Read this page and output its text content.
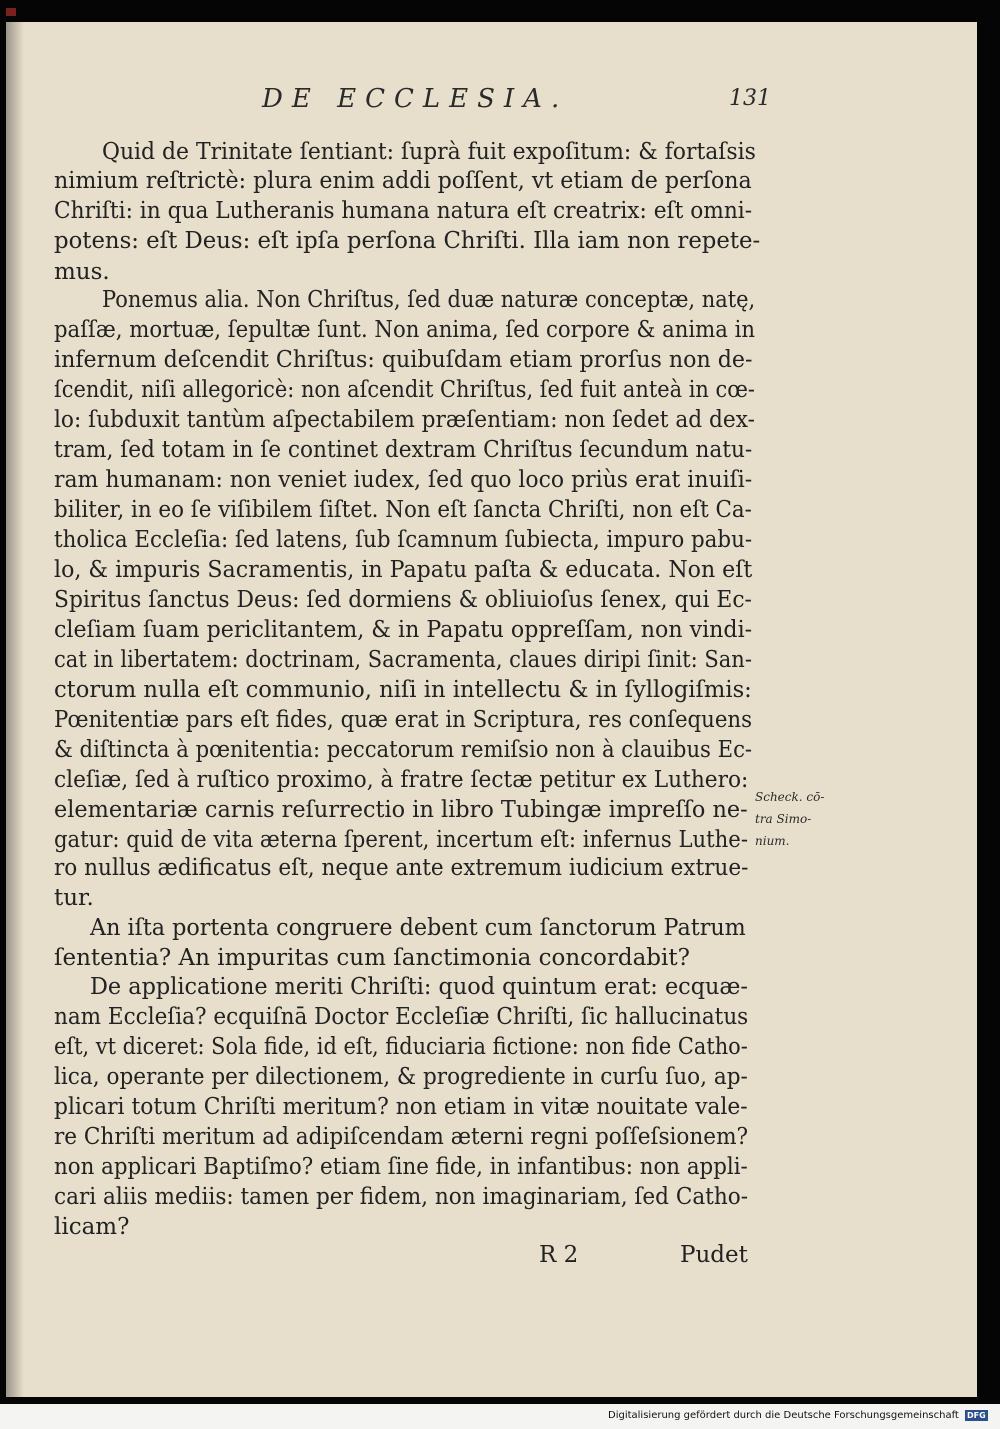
DE ECCLESIA.	131
Quid de Trinitate ſentiant: ſuprà fuit expoſitum: & fortaſsis
nimium reſtrictè: plura enim addi poſſent, vt etiam de perſona
Chriſti: in qua Lutheranis humana natura eſt creatrix: eſt omni-
potens: eſt Deus: eſt ipſa perſona Chriſti. Illa iam non repete-
mus.
Ponemus alia. Non Chriſtus, ſed duæ naturæ conceptæ, natę,
paſſæ, mortuæ, ſepultæ ſunt. Non anima, ſed corpore & anima in
infernum deſcendit Chriſtus: quibuſdam etiam prorſus non de-
ſcendit, niſi allegoricè: non aſcendit Chriſtus, ſed fuit anteà in cœ-
lo: ſubduxit tantùm aſpectabilem præſentiam: non ſedet ad dex-
tram, ſed totam in ſe continet dextram Chriſtus ſecundum natu-
ram humanam: non veniet iudex, ſed quo loco priùs erat inuiſi-
biliter, in eo ſe viſibilem ſiſtet. Non eſt ſancta Chriſti, non eſt Ca-
tholica Eccleſia: ſed latens, ſub ſcamnum ſubiecta, impuro pabu-
lo, & impuris Sacramentis, in Papatu paſta & educata. Non eſt
Spiritus ſanctus Deus: ſed dormiens & obliuioſus ſenex, qui Ec-
cleſiam ſuam periclitantem, & in Papatu oppreſſam, non vindi-
cat in libertatem: doctrinam, Sacramenta, claues diripi ſinit: San-
ctorum nulla eſt communio, niſi in intellectu & in ſyllogiſmis:
Pœnitentiæ pars eſt fides, quæ erat in Scriptura, res conſequens
& diſtincta à pœnitentia: peccatorum remiſsio non à clauibus Ec-
cleſiæ, ſed à ruſtico proximo, à fratre ſectæ petitur ex Luthero:
elementariæ carnis reſurrectio in libro Tubingæ impreſſo ne-
gatur: quid de vita æterna ſperent, incertum eſt: infernus Luthe-
ro nullus ædificatus eſt, neque ante extremum iudicium extrue-
tur.
An iſta portenta congruere debent cum ſanctorum Patrum
ſententia? An impuritas cum ſanctimonia concordabit?
De applicatione meriti Chriſti: quod quintum erat: ecquæ-
nam Eccleſia? ecquiſnā Doctor Eccleſiæ Chriſti, ſic hallucinatus
eſt, vt diceret: Sola fide, id eſt, fiduciaria fictione: non fide Catho-
lica, operante per dilectionem, & progrediente in curſu ſuo, ap-
plicari totum Chriſti meritum? non etiam in vitæ nouitate vale-
re Chriſti meritum ad adipiſcendam æterni regni poſſeſsionem?
non applicari Baptiſmo? etiam ſine fide, in infantibus: non appli-
cari aliis mediis: tamen per fidem, non imaginariam, ſed Catho-
licam?
Scheck. cō-
tra Simo-
nium.
R 2	Pudet
Digitalisierung gefördert durch die Deutsche Forschungsgemeinschaft DFG
